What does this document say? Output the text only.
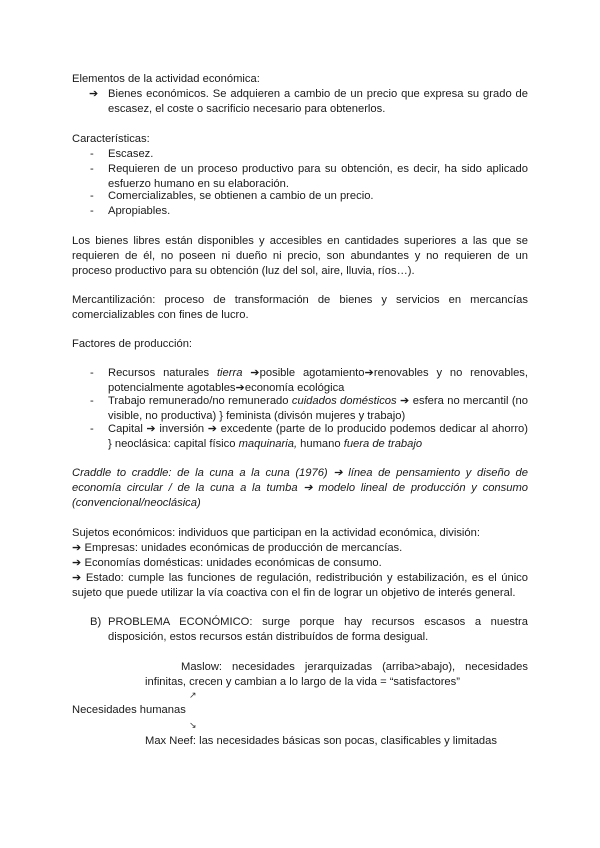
Elementos de la actividad económica:
➔ Bienes económicos. Se adquieren a cambio de un precio que expresa su grado de escasez, el coste o sacrificio necesario para obtenerlos.
Características:
- Escasez.
- Requieren de un proceso productivo para su obtención, es decir, ha sido aplicado esfuerzo humano en su elaboración.
- Comercializables, se obtienen a cambio de un precio.
- Apropiables.
Los bienes libres están disponibles y accesibles en cantidades superiores a las que se requieren de él, no poseen ni dueño ni precio, son abundantes y no requieren de un proceso productivo para su obtención (luz del sol, aire, lluvia, ríos…).
Mercantilización: proceso de transformación de bienes y servicios en mercancías comercializables con fines de lucro.
Factores de producción:
- Recursos naturales tierra ➔posible agotamiento➔renovables y no renovables, potencialmente agotables➔economía ecológica
- Trabajo remunerado/no remunerado cuidados domésticos ➔ esfera no mercantil (no visible, no productiva) } feminista (divisón mujeres y trabajo)
- Capital ➔ inversión ➔ excedente (parte de lo producido podemos dedicar al ahorro) } neoclásica: capital físico maquinaria, humano fuera de trabajo
Craddle to craddle: de la cuna a la cuna (1976) ➔ línea de pensamiento y diseño de economía circular / de la cuna a la tumba ➔ modelo lineal de producción y consumo (convencional/neoclásica)
Sujetos económicos: individuos que participan en la actividad económica, división:
➔ Empresas: unidades económicas de producción de mercancías.
➔ Economías domésticas: unidades económicas de consumo.
➔ Estado: cumple las funciones de regulación, redistribución y estabilización, es el único sujeto que puede utilizar la vía coactiva con el fin de lograr un objetivo de interés general.
B) PROBLEMA ECONÓMICO: surge porque hay recursos escasos a nuestra disposición, estos recursos están distribuídos de forma desigual.
Maslow: necesidades jerarquizadas (arriba>abajo), necesidades infinitas, crecen y cambian a lo largo de la vida = “satisfactores”
↗
Necesidades humanas
↘
Max Neef: las necesidades básicas son pocas, clasificables y limitadas
